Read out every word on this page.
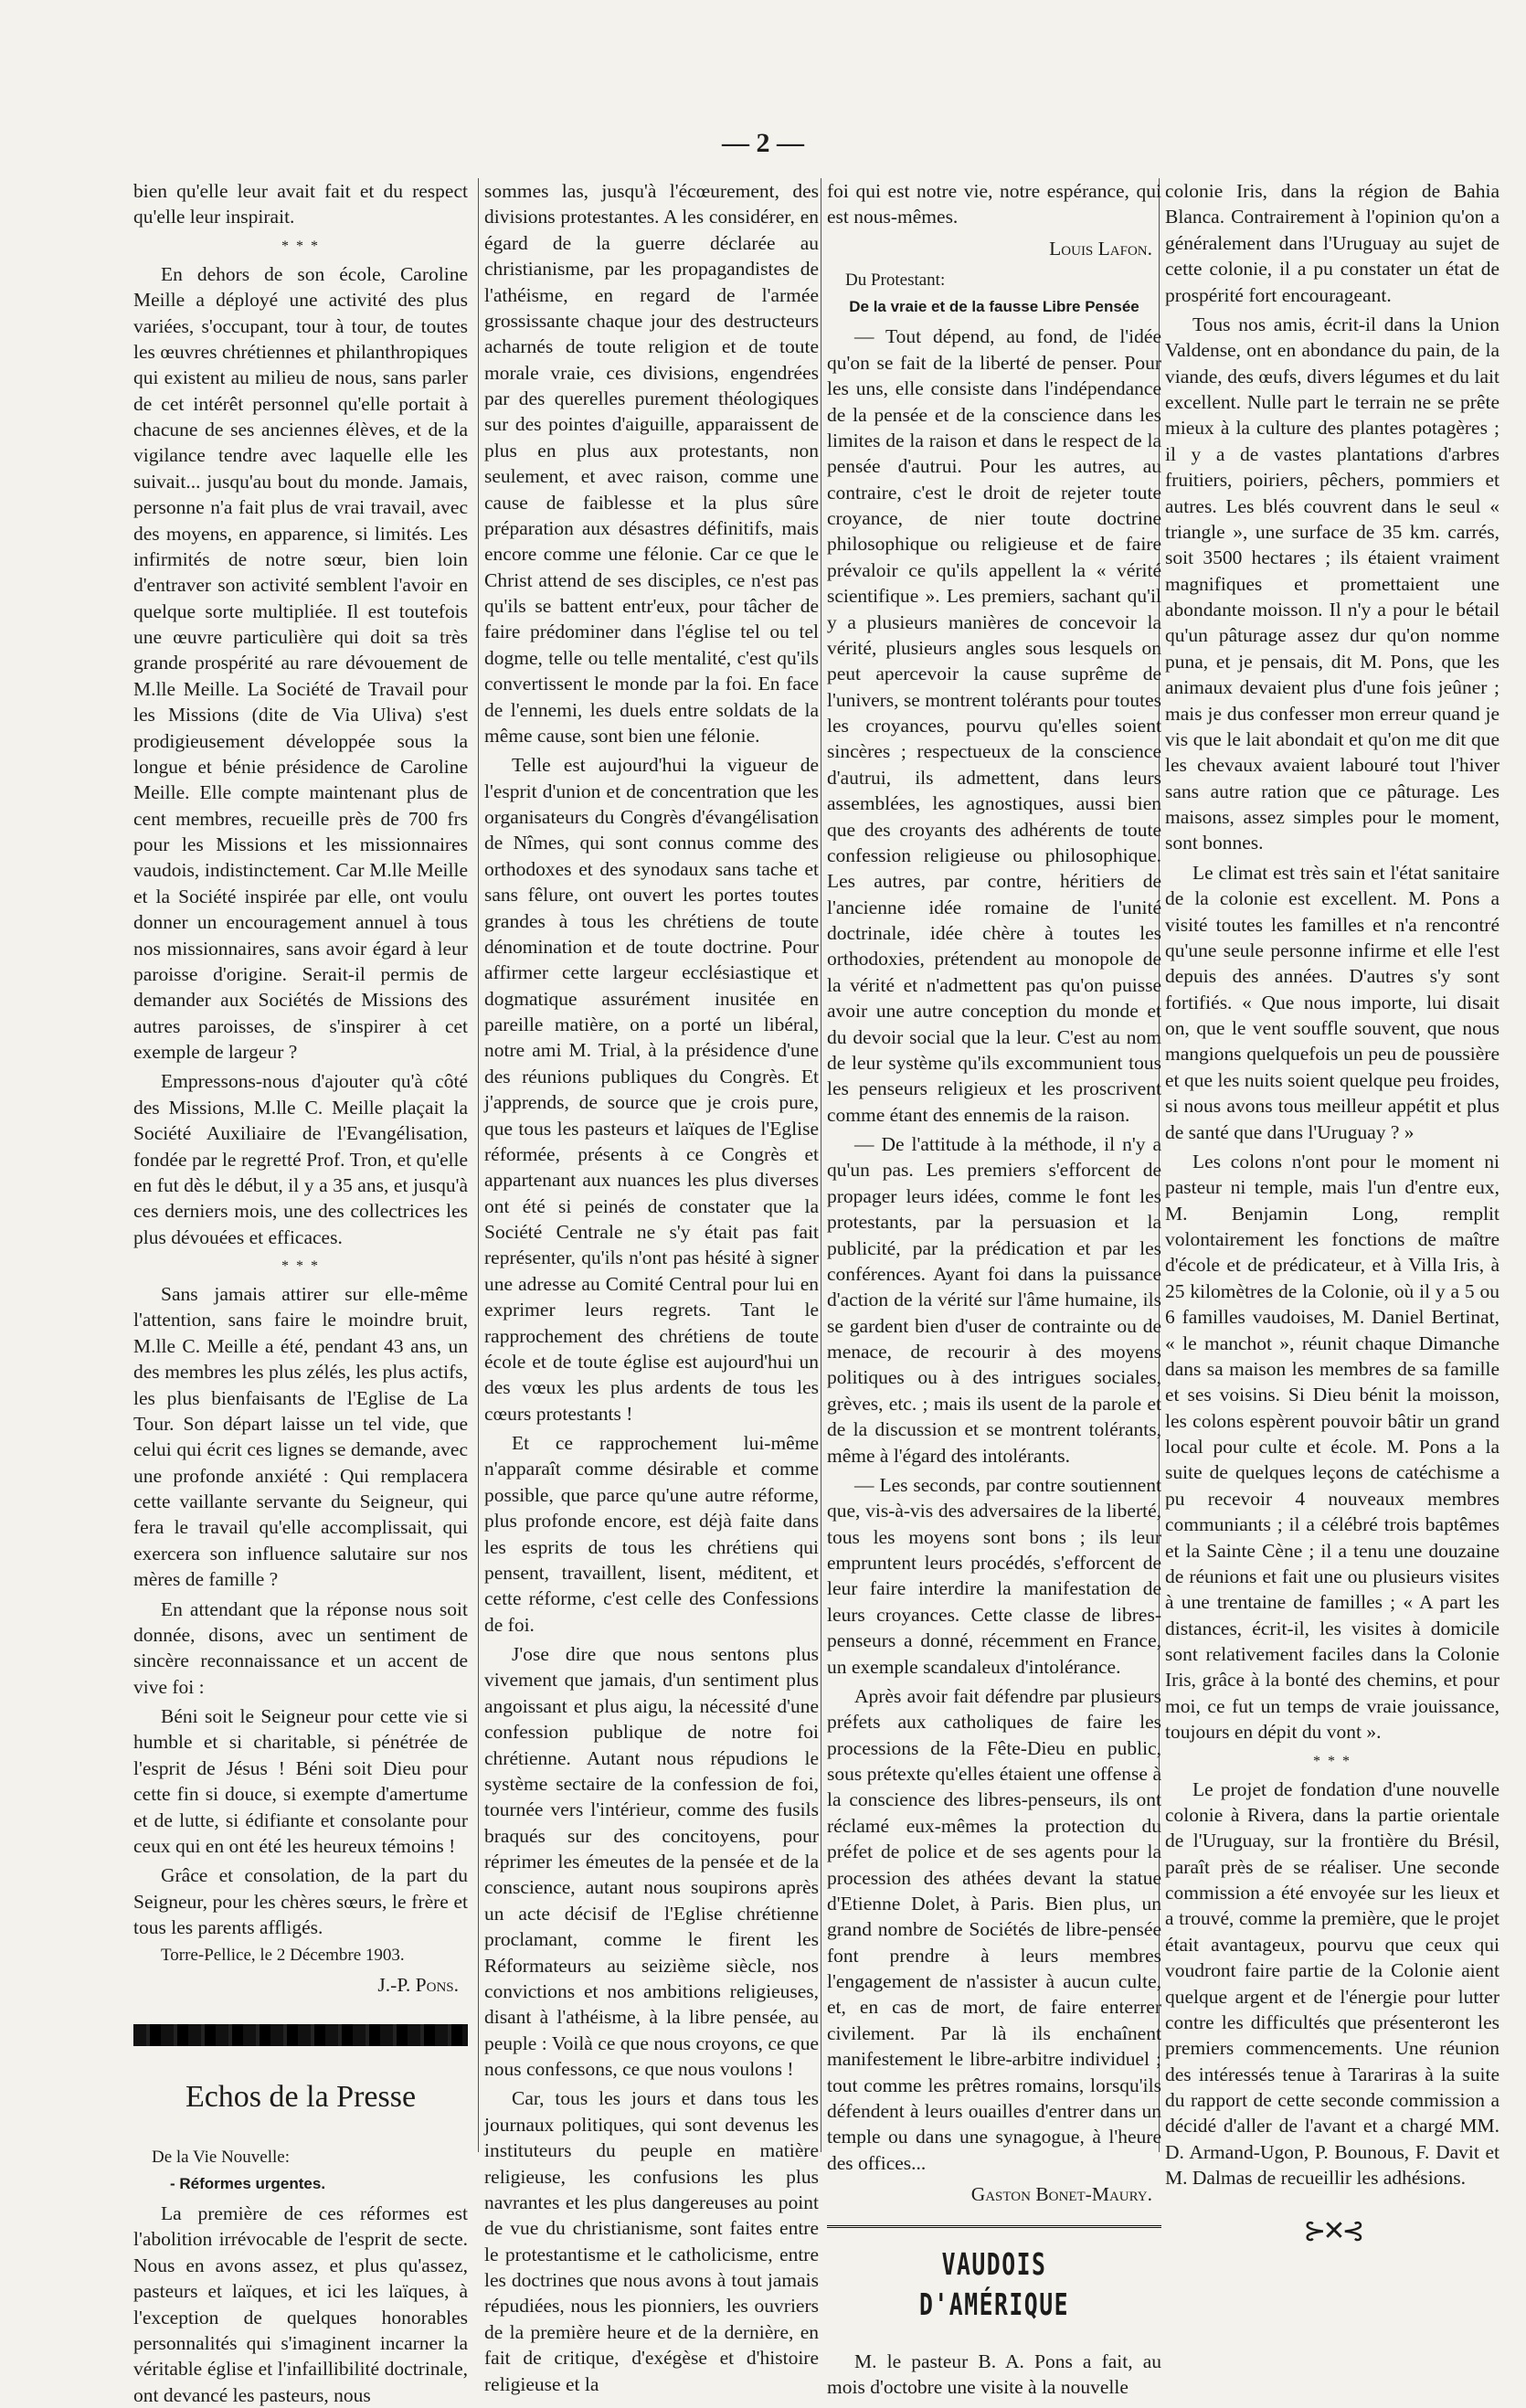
— 2 —

bien qu'elle leur avait fait et du respect qu'elle leur inspirait.

* * *

En dehors de son école, Caroline Meille a déployé une activité des plus variées, s'occupant, tour à tour, de toutes les œuvres chrétiennes et philanthropiques qui existent au milieu de nous, sans parler de cet intérêt personnel qu'elle portait à chacune de ses anciennes élèves, et de la vigilance tendre avec laquelle elle les suivait... jusqu'au bout du monde. Jamais, personne n'a fait plus de vrai travail, avec des moyens, en apparence, si limités. Les infirmités de notre sœur, bien loin d'entraver son activité semblent l'avoir en quelque sorte multipliée. Il est toutefois une œuvre particulière qui doit sa très grande prospérité au rare dévouement de M.lle Meille. La Société de Travail pour les Missions (dite de Via Uliva) s'est prodigieusement développée sous la longue et bénie présidence de Caroline Meille. Elle compte maintenant plus de cent membres, recueille près de 700 frs pour les Missions et les missionnaires vaudois, indistinctement. Car M.lle Meille et la Société inspirée par elle, ont voulu donner un encouragement annuel à tous nos missionnaires, sans avoir égard à leur paroisse d'origine. Serait-il permis de demander aux Sociétés de Missions des autres paroisses, de s'inspirer à cet exemple de largeur ?

Empressons-nous d'ajouter qu'à côté des Missions, M.lle C. Meille plaçait la Société Auxiliaire de l'Evangélisation, fondée par le regretté Prof. Tron, et qu'elle en fut dès le début, il y a 35 ans, et jusqu'à ces derniers mois, une des collectrices les plus dévouées et efficaces.

* * *

Sans jamais attirer sur elle-même l'attention, sans faire le moindre bruit, M.lle C. Meille a été, pendant 43 ans, un des membres les plus zélés, les plus actifs, les plus bienfaisants de l'Eglise de La Tour. Son départ laisse un tel vide, que celui qui écrit ces lignes se demande, avec une profonde anxiété : Qui remplacera cette vaillante servante du Seigneur, qui fera le travail qu'elle accomplissait, qui exercera son influence salutaire sur nos mères de famille ?

En attendant que la réponse nous soit donnée, disons, avec un sentiment de sincère reconnaissance et un accent de vive foi :

Béni soit le Seigneur pour cette vie si humble et si charitable, si pénétrée de l'esprit de Jésus ! Béni soit Dieu pour cette fin si douce, si exempte d'amertume et de lutte, si édifiante et consolante pour ceux qui en ont été les heureux témoins !

Grâce et consolation, de la part du Seigneur, pour les chères sœurs, le frère et tous les parents affligés.

Torre-Pellice, le 2 Décembre 1903.

J.-P. Pons.
Echos de la Presse
De la Vie Nouvelle:
- Réformes urgentes.

La première de ces réformes est l'abolition irrévocable de l'esprit de secte. Nous en avons assez, et plus qu'assez, pasteurs et laïques, et ici les laïques, à l'exception de quelques honorables personnalités qui s'imaginent incarner la véritable église et l'infaillibilité doctrinale, ont devancé les pasteurs, nous

sommes las, jusqu'à l'écœurement, des divisions protestantes. A les considérer, en égard de la guerre déclarée au christianisme, par les propagandistes de l'athéisme, en regard de l'armée grossissante chaque jour des destructeurs acharnés de toute religion et de toute morale vraie, ces divisions, engendrées par des querelles purement théologiques sur des pointes d'aiguille, apparaissent de plus en plus aux protestants, non seulement, et avec raison, comme une cause de faiblesse et la plus sûre préparation aux désastres définitifs, mais encore comme une félonie. Car ce que le Christ attend de ses disciples, ce n'est pas qu'ils se battent entr'eux, pour tâcher de faire prédominer dans l'église tel ou tel dogme, telle ou telle mentalité, c'est qu'ils convertissent le monde par la foi. En face de l'ennemi, les duels entre soldats de la même cause, sont bien une félonie.

Telle est aujourd'hui la vigueur de l'esprit d'union et de concentration que les organisateurs du Congrès d'évangélisation de Nîmes, qui sont connus comme des orthodoxes et des synodaux sans tache et sans fêlure, ont ouvert les portes toutes grandes à tous les chrétiens de toute dénomination et de toute doctrine. Pour affirmer cette largeur ecclésiastique et dogmatique assurément inusitée en pareille matière, on a porté un libéral, notre ami M. Trial, à la présidence d'une des réunions publiques du Congrès. Et j'apprends, de source que je crois pure, que tous les pasteurs et laïques de l'Eglise réformée, présents à ce Congrès et appartenant aux nuances les plus diverses ont été si peinés de constater que la Société Centrale ne s'y était pas fait représenter, qu'ils n'ont pas hésité à signer une adresse au Comité Central pour lui en exprimer leurs regrets. Tant le rapprochement des chrétiens de toute école et de toute église est aujourd'hui un des vœux les plus ardents de tous les cœurs protestants !

Et ce rapprochement lui-même n'apparaît comme désirable et comme possible, que parce qu'une autre réforme, plus profonde encore, est déjà faite dans les esprits de tous les chrétiens qui pensent, travaillent, lisent, méditent, et cette réforme, c'est celle des Confessions de foi.

J'ose dire que nous sentons plus vivement que jamais, d'un sentiment plus angoissant et plus aigu, la nécessité d'une confession publique de notre foi chrétienne. Autant nous répudions le système sectaire de la confession de foi, tournée vers l'intérieur, comme des fusils braqués sur des concitoyens, pour réprimer les émeutes de la pensée et de la conscience, autant nous soupirons après un acte décisif de l'Eglise chrétienne proclamant, comme le firent les Réformateurs au seizième siècle, nos convictions et nos ambitions religieuses, disant à l'athéisme, à la libre pensée, au peuple : Voilà ce que nous croyons, ce que nous confessons, ce que nous voulons !

Car, tous les jours et dans tous les journaux politiques, qui sont devenus les instituteurs du peuple en matière religieuse, les confusions les plus navrantes et les plus dangereuses au point de vue du christianisme, sont faites entre le protestantisme et le catholicisme, entre les doctrines que nous avons à tout jamais répudiées, nous les pionniers, les ouvriers de la première heure et de la dernière, en fait de critique, d'exégèse et d'histoire religieuse et la

foi qui est notre vie, notre espérance, qui est nous-mêmes.

Louis Lafon.
Du Protestant:
De la vraie et de la fausse Libre Pensée

— Tout dépend, au fond, de l'idée qu'on se fait de la liberté de penser. Pour les uns, elle consiste dans l'indépendance de la pensée et de la conscience dans les limites de la raison et dans le respect de la pensée d'autrui. Pour les autres, au contraire, c'est le droit de rejeter toute croyance, de nier toute doctrine philosophique ou religieuse et de faire prévaloir ce qu'ils appellent la « vérité scientifique ». Les premiers, sachant qu'il y a plusieurs manières de concevoir la vérité, plusieurs angles sous lesquels on peut apercevoir la cause suprême de l'univers, se montrent tolérants pour toutes les croyances, pourvu qu'elles soient sincères ; respectueux de la conscience d'autrui, ils admettent, dans leurs assemblées, les agnostiques, aussi bien que des croyants des adhérents de toute confession religieuse ou philosophique. Les autres, par contre, héritiers de l'ancienne idée romaine de l'unité doctrinale, idée chère à toutes les orthodoxies, prétendent au monopole de la vérité et n'admettent pas qu'on puisse avoir une autre conception du monde et du devoir social que la leur. C'est au nom de leur système qu'ils excommunient tous les penseurs religieux et les proscrivent comme étant des ennemis de la raison.

— De l'attitude à la méthode, il n'y a qu'un pas. Les premiers s'efforcent de propager leurs idées, comme le font les protestants, par la persuasion et la publicité, par la prédication et par les conférences. Ayant foi dans la puissance d'action de la vérité sur l'âme humaine, ils se gardent bien d'user de contrainte ou de menace, de recourir à des moyens politiques ou à des intrigues sociales, grèves, etc. ; mais ils usent de la parole et de la discussion et se montrent tolérants, même à l'égard des intolérants.

— Les seconds, par contre soutiennent que, vis-à-vis des adversaires de la liberté, tous les moyens sont bons ; ils leur empruntent leurs procédés, s'efforcent de leur faire interdire la manifestation de leurs croyances. Cette classe de libres-penseurs a donné, récemment en France, un exemple scandaleux d'intolérance.

Après avoir fait défendre par plusieurs préfets aux catholiques de faire les processions de la Fête-Dieu en public, sous prétexte qu'elles étaient une offense à la conscience des libres-penseurs, ils ont réclamé eux-mêmes la protection du préfet de police et de ses agents pour la procession des athées devant la statue d'Etienne Dolet, à Paris. Bien plus, un grand nombre de Sociétés de libre-pensée font prendre à leurs membres l'engagement de n'assister à aucun culte, et, en cas de mort, de faire enterrer civilement. Par là ils enchaînent manifestement le libre-arbitre individuel ; tout comme les prêtres romains, lorsqu'ils défendent à leurs ouailles d'entrer dans un temple ou dans une synagogue, à l'heure des offices...

Gaston Bonet-Maury.
VAUDOIS D'AMÉRIQUE

M. le pasteur B. A. Pons a fait, au mois d'octobre une visite à la nouvelle

colonie Iris, dans la région de Bahia Blanca. Contrairement à l'opinion qu'on a généralement dans l'Uruguay au sujet de cette colonie, il a pu constater un état de prospérité fort encourageant.

Tous nos amis, écrit-il dans la Union Valdense, ont en abondance du pain, de la viande, des œufs, divers légumes et du lait excellent. Nulle part le terrain ne se prête mieux à la culture des plantes potagères ; il y a de vastes plantations d'arbres fruitiers, poiriers, pêchers, pommiers et autres. Les blés couvrent dans le seul « triangle », une surface de 35 km. carrés, soit 3500 hectares ; ils étaient vraiment magnifiques et promettaient une abondante moisson. Il n'y a pour le bétail qu'un pâturage assez dur qu'on nomme puna, et je pensais, dit M. Pons, que les animaux devaient plus d'une fois jeûner ; mais je dus confesser mon erreur quand je vis que le lait abondait et qu'on me dit que les chevaux avaient labouré tout l'hiver sans autre ration que ce pâturage. Les maisons, assez simples pour le moment, sont bonnes.

Le climat est très sain et l'état sanitaire de la colonie est excellent. M. Pons a visité toutes les familles et n'a rencontré qu'une seule personne infirme et elle l'est depuis des années. D'autres s'y sont fortifiés. « Que nous importe, lui disait on, que le vent souffle souvent, que nous mangions quelquefois un peu de poussière et que les nuits soient quelque peu froides, si nous avons tous meilleur appétit et plus de santé que dans l'Uruguay ? »

Les colons n'ont pour le moment ni pasteur ni temple, mais l'un d'entre eux, M. Benjamin Long, remplit volontairement les fonctions de maître d'école et de prédicateur, et à Villa Iris, à 25 kilomètres de la Colonie, où il y a 5 ou 6 familles vaudoises, M. Daniel Bertinat, « le manchot », réunit chaque Dimanche dans sa maison les membres de sa famille et ses voisins. Si Dieu bénit la moisson, les colons espèrent pouvoir bâtir un grand local pour culte et école. M. Pons a la suite de quelques leçons de catéchisme a pu recevoir 4 nouveaux membres communiants ; il a célébré trois baptêmes et la Sainte Cène ; il a tenu une douzaine de réunions et fait une ou plusieurs visites à une trentaine de familles ; « A part les distances, écrit-il, les visites à domicile sont relativement faciles dans la Colonie Iris, grâce à la bonté des chemins, et pour moi, ce fut un temps de vraie jouissance, toujours en dépit du vont ».

* * *

Le projet de fondation d'une nouvelle colonie à Rivera, dans la partie orientale de l'Uruguay, sur la frontière du Brésil, paraît près de se réaliser. Une seconde commission a été envoyée sur les lieux et a trouvé, comme la première, que le projet était avantageux, pourvu que ceux qui voudront faire partie de la Colonie aient quelque argent et de l'énergie pour lutter contre les difficultés que présenteront les premiers commencements. Une réunion des intéressés tenue à Tarariras à la suite du rapport de cette seconde commission a décidé d'aller de l'avant et a chargé MM. D. Armand-Ugon, P. Bounous, F. Davit et M. Dalmas de recueillir les adhésions.

⊱✕⊰
